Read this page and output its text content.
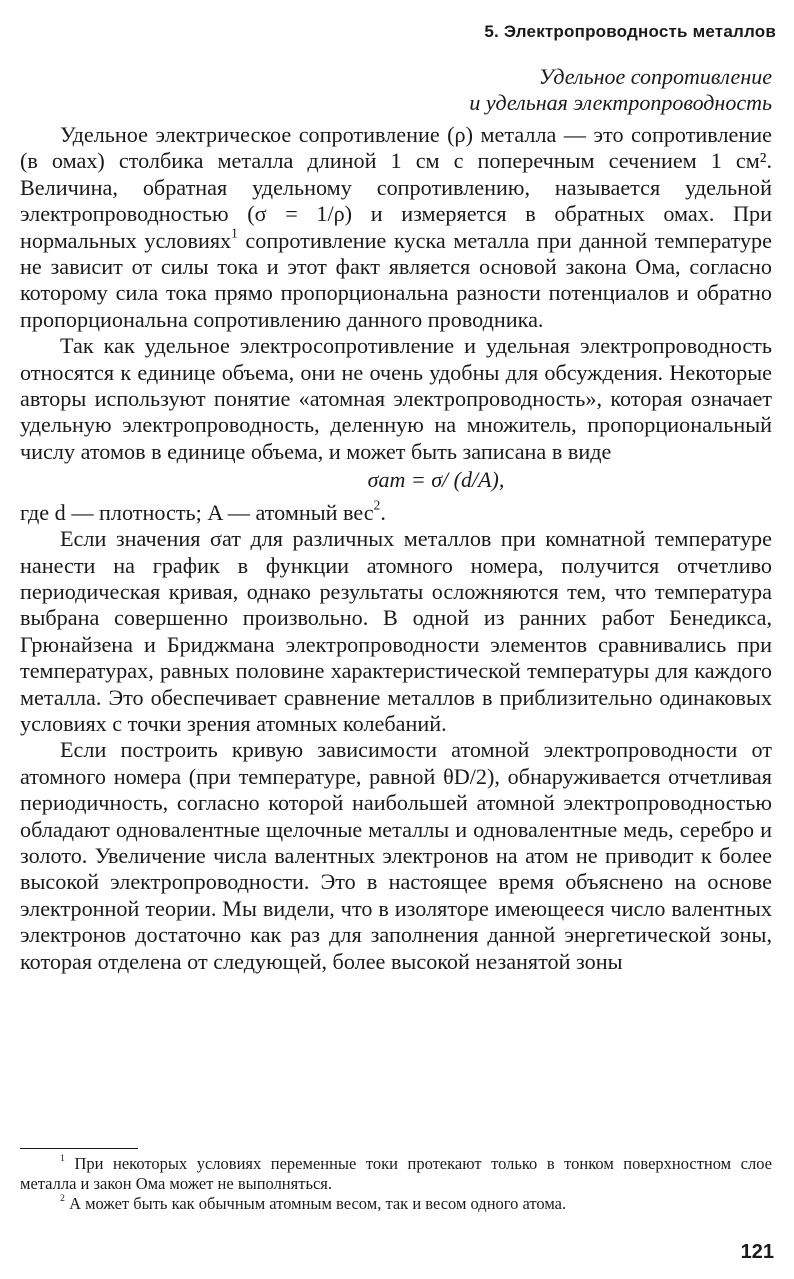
5. Электропроводность металлов
Удельное сопротивление
и удельная электропроводность

Удельное электрическое сопротивление (ρ) металла — это сопротивление (в омах) столбика металла длиной 1 см с поперечным сечением 1 см². Величина, обратная удельному сопротивлению, называется удельной электропроводностью (σ = 1/ρ) и измеряется в обратных омах. При нормальных условиях$^1$ сопротивление куска металла при данной температуре не зависит от силы тока и этот факт является основой закона Ома, согласно которому сила тока прямо пропорциональна разности потенциалов и обратно пропорциональна сопротивлению данного проводника.

Так как удельное электросопротивление и удельная электропроводность относятся к единице объема, они не очень удобны для обсуждения. Некоторые авторы используют понятие «атомная электропроводность», которая означает удельную электропроводность, деленную на множитель, пропорциональный числу атомов в единице объема, и может быть записана в виде

σат = σ/ (d/A),

где d — плотность; A — атомный вес$^2$.

Если значения σат для различных металлов при комнатной температуре нанести на график в функции атомного номера, получится отчетливо периодическая кривая, однако результаты осложняются тем, что температура выбрана совершенно произвольно. В одной из ранних работ Бенедикса, Грюнайзена и Бриджмана электропроводности элементов сравнивались при температурах, равных половине характеристической температуры для каждого металла. Это обеспечивает сравнение металлов в приблизительно одинаковых условиях с точки зрения атомных колебаний.

Если построить кривую зависимости атомной электропроводности от атомного номера (при температуре, равной θD/2), обнаруживается отчетливая периодичность, согласно которой наибольшей атомной электропроводностью обладают одновалентные щелочные металлы и одновалентные медь, серебро и золото. Увеличение числа валентных электронов на атом не приводит к более высокой электропроводности. Это в настоящее время объяснено на основе электронной теории. Мы видели, что в изоляторе имеющееся число валентных электронов достаточно как раз для заполнения данной энергетической зоны, которая отделена от следующей, более высокой незанятой зоны

$^1$ При некоторых условиях переменные токи протекают только в тонком поверхностном слое металла и закон Ома может не выполняться.

$^2$ А может быть как обычным атомным весом, так и весом одного атома.

121
